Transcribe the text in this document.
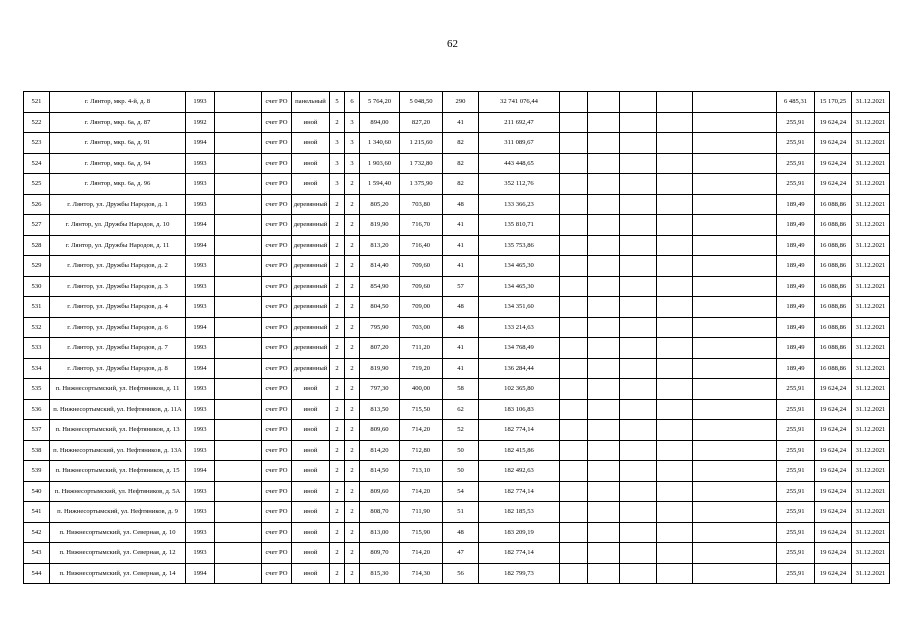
62
521	г. Лянтор, мкр. 4-й, д. 8	1993		счет РО	панельный	5	6	5 764,20	5 048,50	290	32 741 076,44						6 485,31	15 170,25	31.12.2021
522	г. Лянтор, мкр. 6а, д. 87	1992		счет РО	иной	2	3	894,00	827,20	41	211 692,47						255,91	19 624,24	31.12.2021
523	г. Лянтор, мкр. 6а, д. 91	1994		счет РО	иной	3	3	1 340,60	1 215,60	82	311 089,67						255,91	19 624,24	31.12.2021
524	г. Лянтор, мкр. 6а, д. 94	1993		счет РО	иной	3	3	1 903,60	1 732,80	82	443 448,65						255,91	19 624,24	31.12.2021
525	г. Лянтор, мкр. 6а, д. 96	1993		счет РО	иной	3	2	1 594,40	1 375,90	82	352 112,76						255,91	19 624,24	31.12.2021
526	г. Лянтор, ул. Дружбы Народов, д. 1	1993		счет РО	деревянный	2	2	805,20	703,80	48	133 366,23						189,49	16 088,86	31.12.2021
527	г. Лянтор, ул. Дружбы Народов, д. 10	1994		счет РО	деревянный	2	2	819,90	716,70	41	135 810,71						189,49	16 088,86	31.12.2021
528	г. Лянтор, ул. Дружбы Народов, д. 11	1994		счет РО	деревянный	2	2	813,20	716,40	41	135 753,86						189,49	16 088,86	31.12.2021
529	г. Лянтор, ул. Дружбы Народов, д. 2	1993		счет РО	деревянный	2	2	814,40	709,60	41	134 465,30						189,49	16 088,86	31.12.2021
530	г. Лянтор, ул. Дружбы Народов, д. 3	1993		счет РО	деревянный	2	2	854,90	709,60	57	134 465,30						189,49	16 088,86	31.12.2021
531	г. Лянтор, ул. Дружбы Народов, д. 4	1993		счет РО	деревянный	2	2	804,50	709,00	48	134 351,60						189,49	16 088,86	31.12.2021
532	г. Лянтор, ул. Дружбы Народов, д. 6	1994		счет РО	деревянный	2	2	795,90	703,00	48	133 214,63						189,49	16 088,86	31.12.2021
533	г. Лянтор, ул. Дружбы Народов, д. 7	1993		счет РО	деревянный	2	2	807,20	711,20	41	134 768,49						189,49	16 088,86	31.12.2021
534	г. Лянтор, ул. Дружбы Народов, д. 8	1994		счет РО	деревянный	2	2	819,90	719,20	41	136 284,44						189,49	16 088,86	31.12.2021
535	п. Нижнесортымский, ул. Нефтяников, д. 11	1993		счет РО	иной	2	2	797,30	400,00	58	102 365,80						255,91	19 624,24	31.12.2021
536	п. Нижнесортымский, ул. Нефтяников, д. 11А	1993		счет РО	иной	2	2	813,50	715,50	62	183 106,83						255,91	19 624,24	31.12.2021
537	п. Нижнесортымский, ул. Нефтяников, д. 13	1993		счет РО	иной	2	2	809,60	714,20	52	182 774,14						255,91	19 624,24	31.12.2021
538	п. Нижнесортымский, ул. Нефтяников, д. 13А	1993		счет РО	иной	2	2	814,20	712,80	50	182 415,86						255,91	19 624,24	31.12.2021
539	п. Нижнесортымский, ул. Нефтяников, д. 15	1994		счет РО	иной	2	2	814,50	713,10	50	182 492,63						255,91	19 624,24	31.12.2021
540	п. Нижнесортымский, ул. Нефтяников, д. 5А	1993		счет РО	иной	2	2	809,60	714,20	54	182 774,14						255,91	19 624,24	31.12.2021
541	п. Нижнесортымский, ул. Нефтяников, д. 9	1993		счет РО	иной	2	2	808,70	711,90	51	182 185,53						255,91	19 624,24	31.12.2021
542	п. Нижнесортымский, ул. Северная, д. 10	1993		счет РО	иной	2	2	813,00	715,90	48	183 209,19						255,91	19 624,24	31.12.2021
543	п. Нижнесортымский, ул. Северная, д. 12	1993		счет РО	иной	2	2	809,70	714,20	47	182 774,14						255,91	19 624,24	31.12.2021
544	п. Нижнесортымский, ул. Северная, д. 14	1994		счет РО	иной	2	2	815,30	714,30	56	182 799,73						255,91	19 624,24	31.12.2021
